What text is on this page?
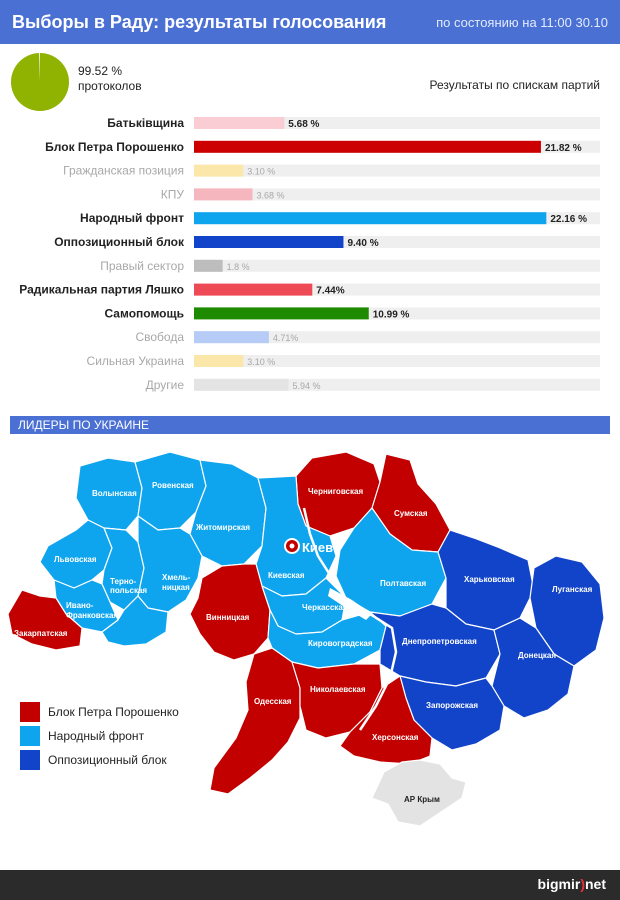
Выборы в Раду: результаты голосования	по состоянию на 11:00 30.10
99.52 %
протоколов	Результаты по спискам партий
Батьківщина	5.68 %
Блок Петра Порошенко	21.82 %
Гражданская позиция	3.10 %
КПУ	3.68 %
Народный фронт	22.16 %
Оппозиционный блок	9.40 %
Правый сектор	1.8 %
Радикальная партия Ляшко	7.44%
Самопомощь	10.99 %
Свобода	4.71%
Сильная Украина	3.10 %
Другие	5.94 %
ЛИДЕРЫ ПО УКРАИНЕ
Киев
Волынская
Ровенская
Житомирская
Черниговская
Сумская
Львовская
Терно-
польская
Хмель-
ницкая
Киевская
Полтавская	Харьковская
Луганская
Ивано-
Франковская
Закарпатская
Черновицкая
Винницкая
Черкасская
Кировоградская	Днепропетровская
Донецкая
Одесская
Николаевская
Запорожская
Херсонская
АР Крым
Блок Петра Порошенко
Народный фронт
Оппозиционный блок
bigmir)net
